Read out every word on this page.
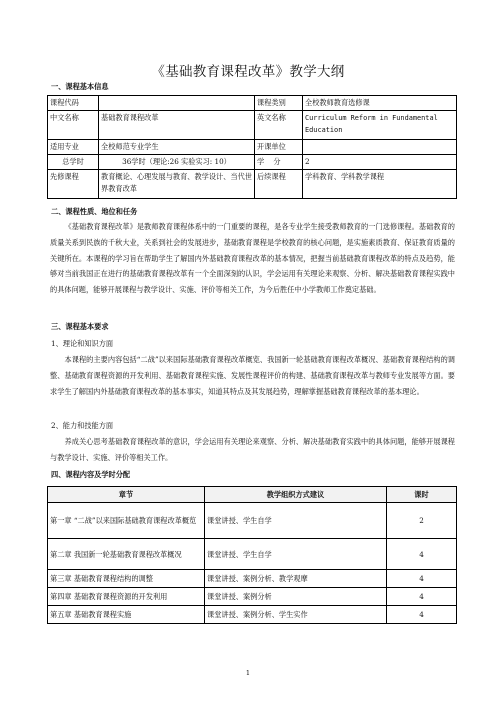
《基础教育课程改革》教学大纲
一、课程基本信息
课程代码		课程类别	全校教师教育选修课
中文名称	基础教育课程改革	英文名称	Curriculum Reform in Fundamental Education
适用专业	全校师范专业学生	开课单位	
总学时	36学时（理论:26 实验实习: 10）	学    分	2
先修课程	教育概论、心理发展与教育、教学设计、当代世界教育改革	后续课程	学科教育、学科教学课程
二、课程性质、地位和任务
《基础教育课程改革》是教师教育课程体系中的一门重要的课程，是各专业学生接受教师教育的一门选修课程。基础教育的质量关系到民族的千秋大业，关系到社会的发展进步，基础教育课程是学校教育的核心问题，是实施素质教育、保证教育质量的关键所在。本课程的学习旨在帮助学生了解国内外基础教育课程改革的基本情况，把握当前基础教育课程改革的特点及趋势，能够对当前我国正在进行的基础教育课程改革有一个全面深刻的认识，学会运用有关理论来观察、分析、解决基础教育课程实践中的具体问题，能够开展课程与教学设计、实施、评价等相关工作，为今后胜任中小学教师工作奠定基础。
三、课程基本要求
1、理论和知识方面
本课程的主要内容包括“二战”以来国际基础教育课程改革概览、我国新一轮基础教育课程改革概况、基础教育课程结构的调整、基础教育课程资源的开发利用、基础教育课程实施、发展性课程评价的构建、基础教育课程改革与教师专业发展等方面。要求学生了解国内外基础教育课程改革的基本事实，知道其特点及其发展趋势，理解掌握基础教育课程改革的基本理论。
2、能力和技能方面
养成关心思考基础教育课程改革的意识，学会运用有关理论来观察、分析、解决基础教育实践中的具体问题，能够开展课程与教学设计、实施、评价等相关工作。
四、课程内容及学时分配
章节	教学组织方式建议	课时
第一章 “二战”以来国际基础教育课程改革概览	课堂讲授、学生自学	2
第二章 我国新一轮基础教育课程改革概况	课堂讲授、学生自学	4
第三章 基础教育课程结构的调整	课堂讲授、案例分析、教学观摩	4
第四章 基础教育课程资源的开发利用	课堂讲授、案例分析	4
第五章 基础教育课程实施	课堂讲授、案例分析、学生实作	4
1
